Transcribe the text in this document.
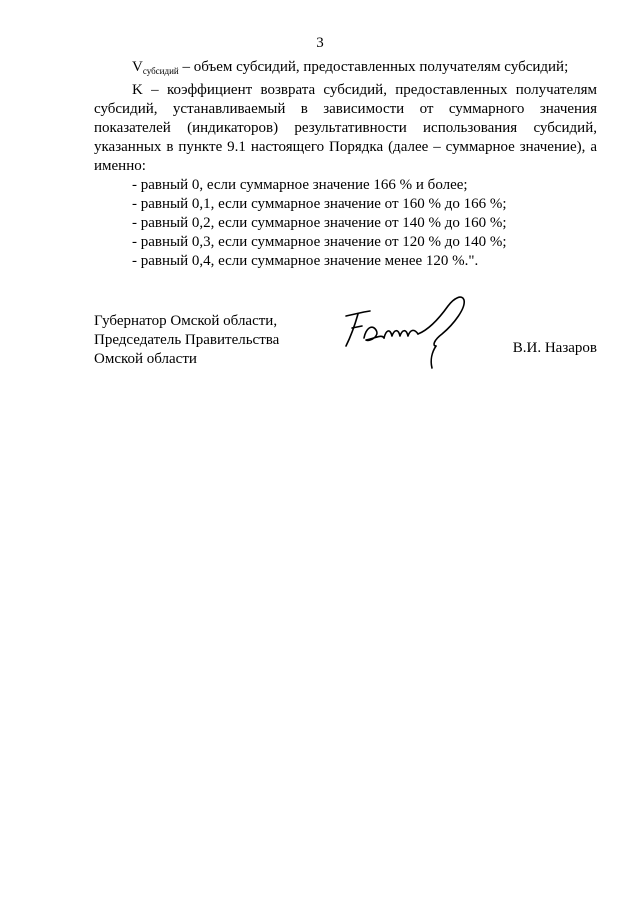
3

$V_{субсидий}$ – объем субсидий, предоставленных получателям субсидий;

K – коэффициент возврата субсидий, предоставленных получателям субсидий, устанавливаемый в зависимости от суммарного значения показателей (индикаторов) результативности использования субсидий, указанных в пункте 9.1 настоящего Порядка (далее – суммарное значение), а именно:

- равный 0, если суммарное значение 166 % и более;
- равный 0,1, если суммарное значение от 160 % до 166 %;
- равный 0,2, если суммарное значение от 140 % до 160 %;
- равный 0,3, если суммарное значение от 120 % до 140 %;
- равный 0,4, если суммарное значение менее 120 %.".
Губернатор Омской области,
Председатель Правительства
Омской области
В.И. Назаров
